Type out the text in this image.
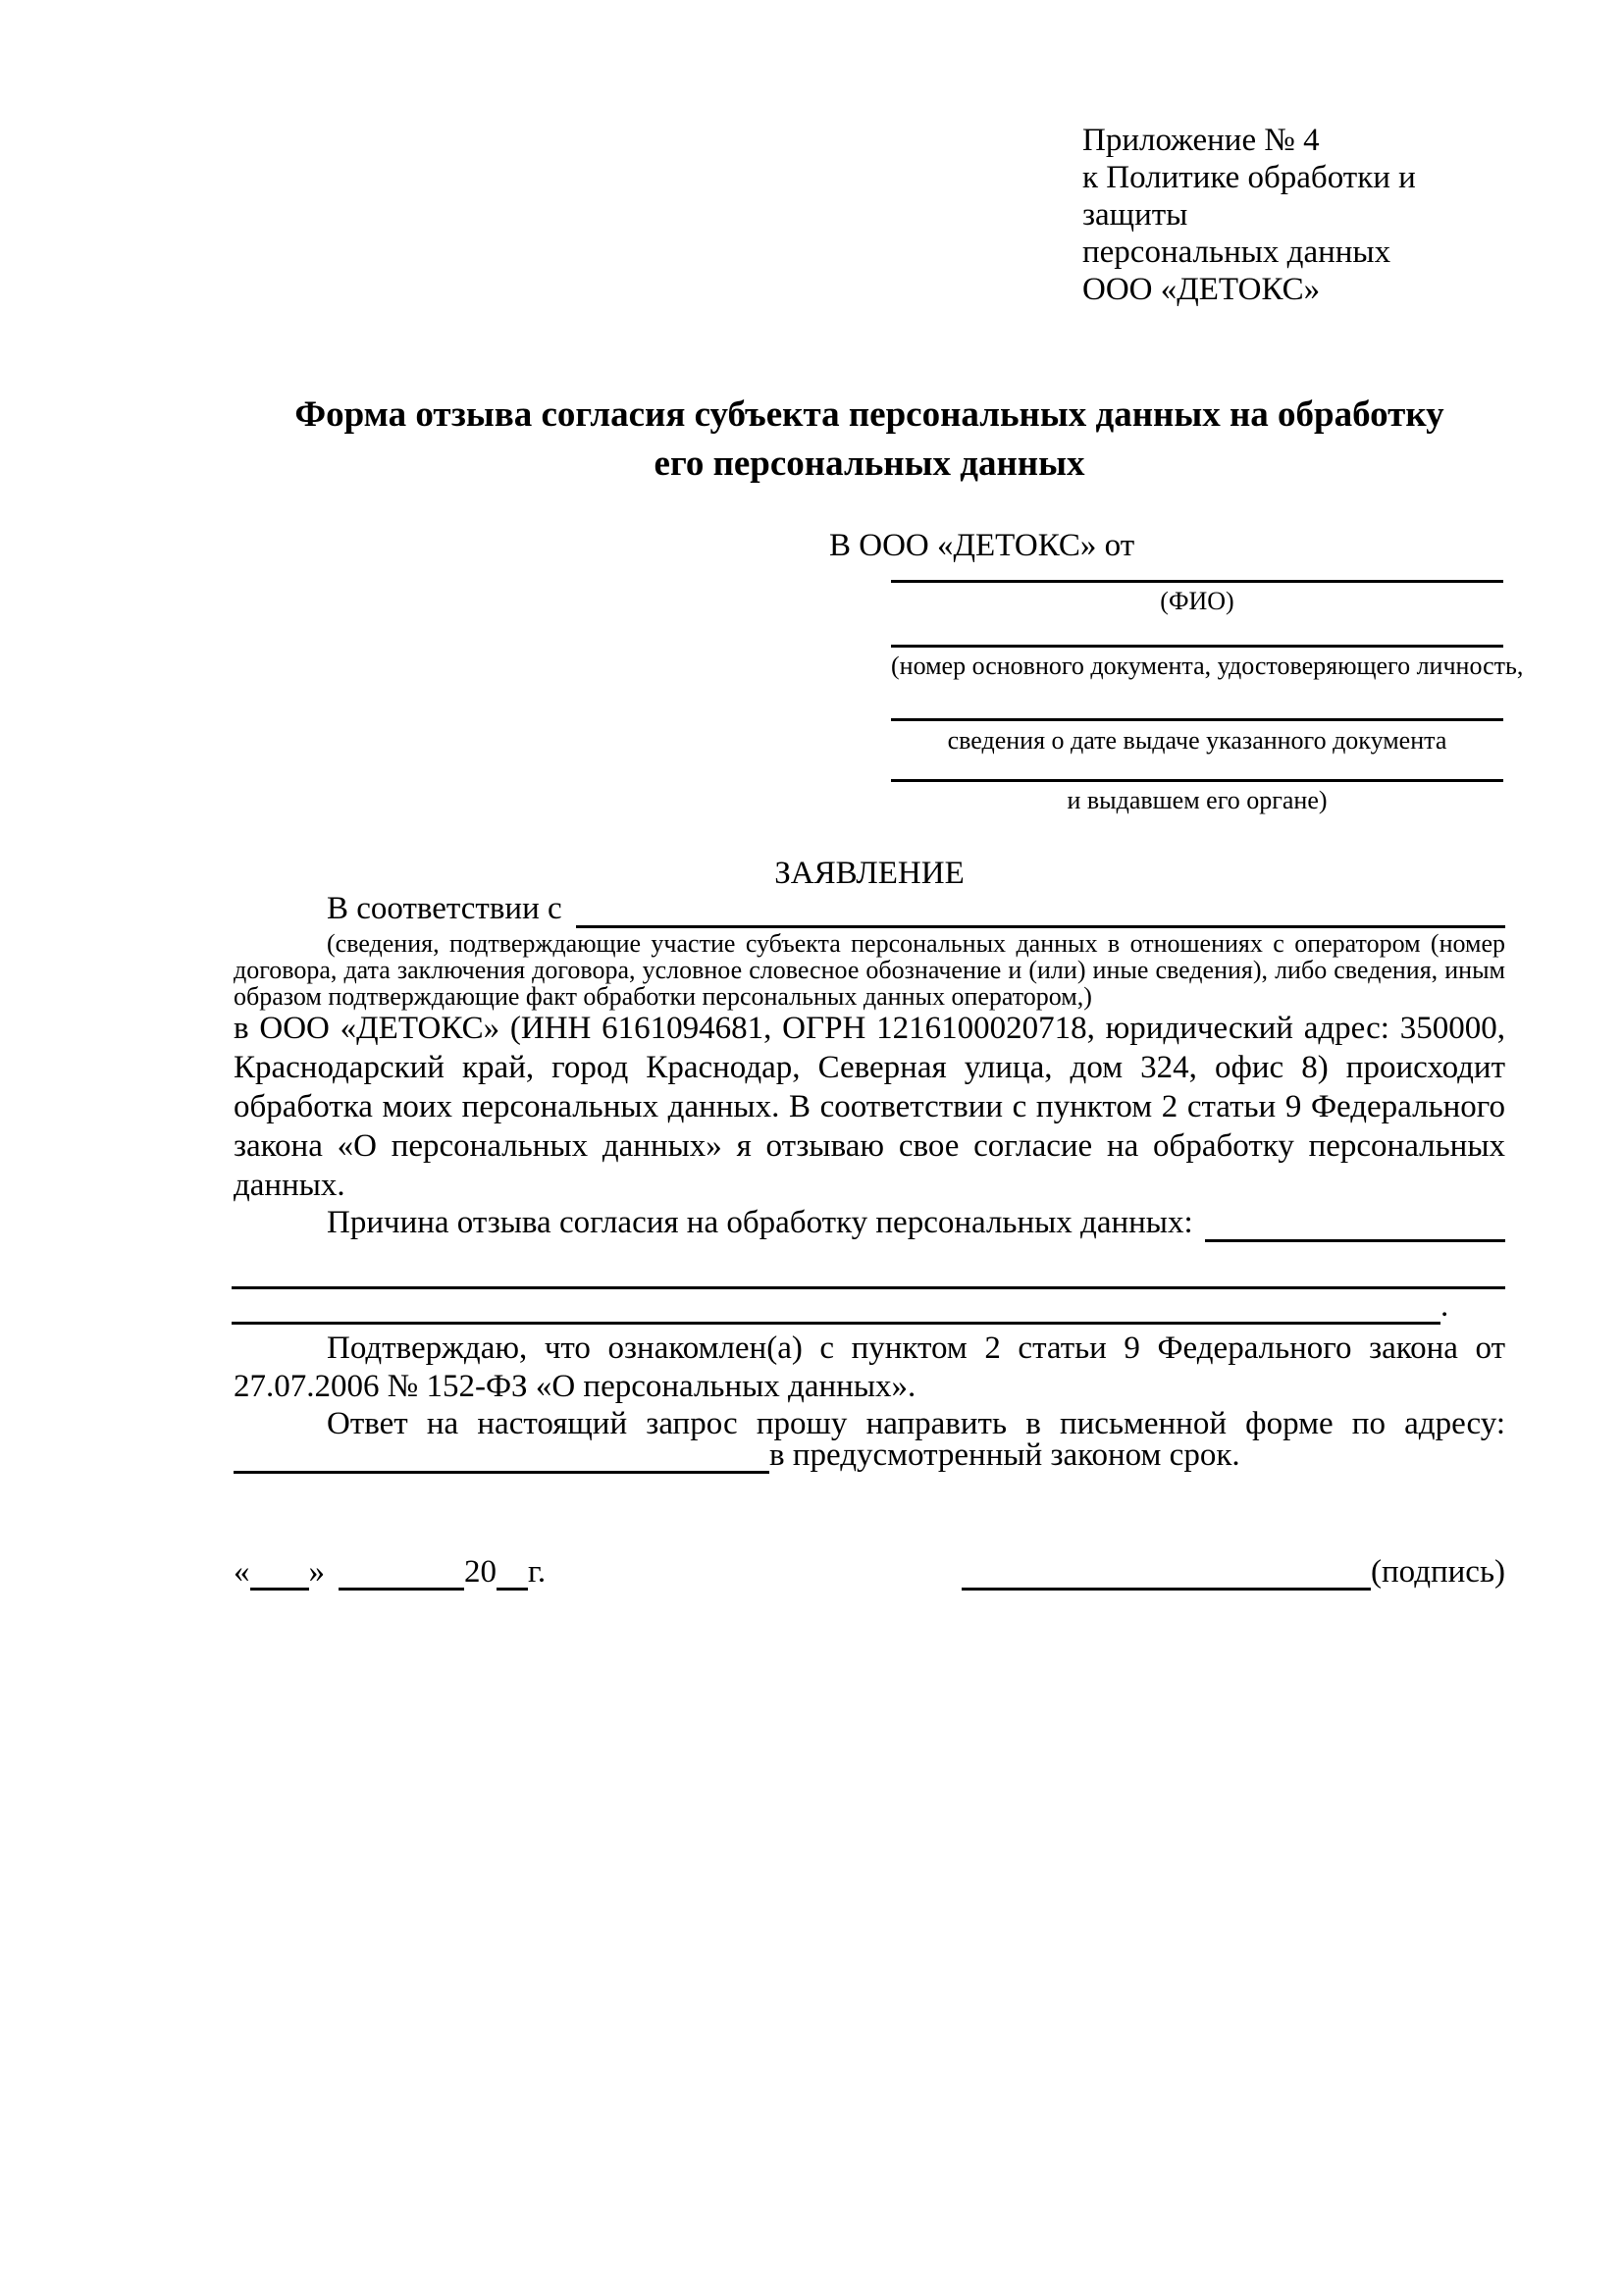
Приложение № 4
к Политике обработки и защиты
персональных данных
ООО «ДЕТОКС»
Форма отзыва согласия субъекта персональных данных на обработку
его персональных данных
В ООО «ДЕТОКС» от
(ФИО)
(номер основного документа, удостоверяющего личность,
сведения о дате выдаче указанного документа
и выдавшем его органе)
ЗАЯВЛЕНИЕ
В соответствии с
(сведения, подтверждающие участие субъекта персональных данных в отношениях с оператором (номер договора, дата заключения договора, условное словесное обозначение и (или) иные сведения), либо сведения, иным образом подтверждающие факт обработки персональных данных оператором,)
в ООО «ДЕТОКС» (ИНН 6161094681, ОГРН 1216100020718, юридический адрес: 350000, Краснодарский край, город Краснодар, Северная улица, дом 324, офис 8) происходит обработка моих персональных данных. В соответствии с пунктом 2 статьи 9 Федерального закона «О персональных данных» я отзываю свое согласие на обработку персональных данных.
Причина отзыва согласия на обработку персональных данных:
.
Подтверждаю, что ознакомлен(а) с пунктом 2 статьи 9 Федерального закона от 27.07.2006 № 152-ФЗ «О персональных данных».
Ответ на настоящий запрос прошу направить в письменной форме по адресу:
в предусмотренный законом срок.
« »	20 г.	(подпись)
